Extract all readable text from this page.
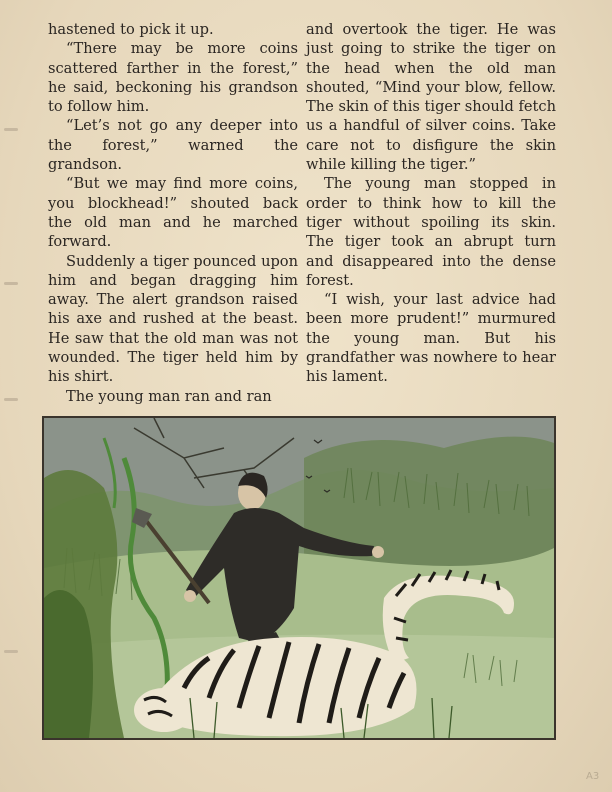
hastened to pick it up.

“There may be more coins scattered farther in the forest,” he said, beckoning his grandson to follow him.

“Let’s not go any deeper into the forest,” warned the grandson.

“But we may find more coins, you blockhead!” shouted back the old man and he marched forward.

Suddenly a tiger pounced upon him and began dragging him away. The alert grandson raised his axe and rushed at the beast. He saw that the old man was not wounded. The tiger held him by his shirt.

The young man ran and ran

and overtook the tiger. He was just going to strike the tiger on the head when the old man shouted, “Mind your blow, fellow. The skin of this tiger should fetch us a handful of silver coins. Take care not to disfigure the skin while killing the tiger.”

The young man stopped in order to think how to kill the tiger without spoiling its skin. The tiger took an abrupt turn and disappeared into the dense forest.

“I wish, your last advice had been more prudent!” murmured the young man. But his grandfather was nowhere to hear his lament.

A3
